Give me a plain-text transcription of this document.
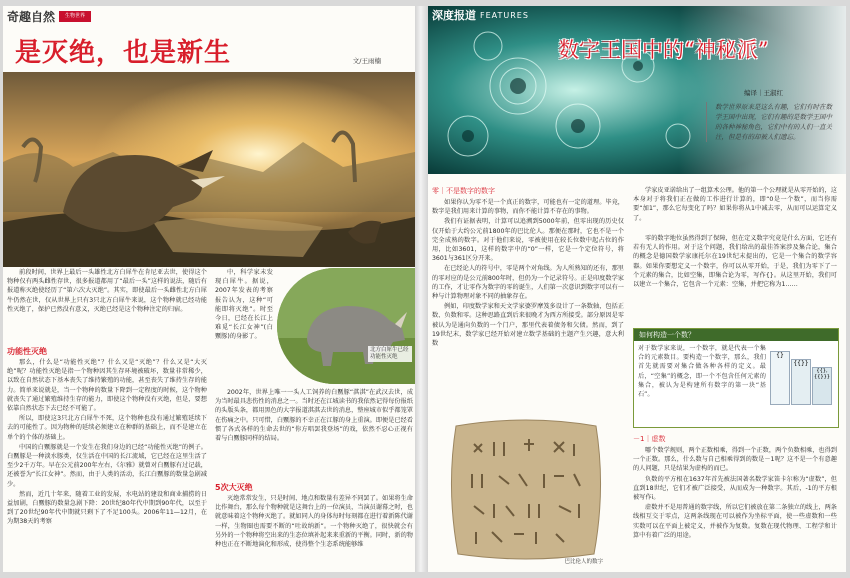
奇趣自然	生物世界
是灭绝，也是新生	文/王雨楠

前段时间，世界上最后一头雄性北方白犀牛在肯尼亚去世，使得这个物种仅有两头雌性存世，很多报道都用了“最后一头”这样的说法，随后有报道称灭绝使经历了“第六次大灭绝”。其实，即使最后一头雌性北方白犀牛仍然在世，仅从世界上只有3只北方白犀牛来说，这个物种就已经功能性灭绝了，保护已然没有意义，灭绝已经是这个物种注定的归宿。

功能性灭绝

那么，什么是“功能性灭绝”？什么又是“灭绝”？什么又是“大灭绝”呢？功能性灭绝是指一个物种因其生存环境被破坏，数量非常稀少，以致在自然状态下基本丧失了维持繁殖的功能，甚至丧失了维持生存的能力。简单来说就是，当一个物种的数量下降到一定程度的时候，这个物种就丧失了通过繁殖维持生存的能力，即使这个物种没有灭绝，但是，要想依靠自然状态下去已经不可能了。

所以，即使这3只北方白犀牛不死，这个物种也没有通过繁殖延续下去的可能性了。因为物种的延续必须建立在种群的基础上，而不是建立在单个的个体的基础上。

中国的白鱀豚就是一个发生在我们身边的已经“功能性灭绝”的例子。白鱀豚是一种淡水豚类，仅生活在中国的长江流域，它已经在这里生活了至少2千万年。早在公元前200年左右，《尔雅》就曾对白鱀豚有过记载，还被誉为“长江女神”。然而，由于人类的活动，长江白鱀豚的数量急剧减少。

然而，近几十年来，随着工业的发展，水电站的建设和商业捕捞的日益加剧，白鱀豚的数量急剧下降：20世纪80年代中期到90年代，以至于到了20世纪90年代中期就只剩下了不足100头。2006年11—12月，在为期38天的考察

中，科学家未发现白犀牛。据说，2007年发表的考察报告认为，这种“可能即将灭绝”。时至今日，已经在长江上难觅“长江女神”(白鱀豚)的身影了。

北方白犀牛已经功能性灭绝

2002年，世界上唯一一头人工饲养的白鱀豚“淇淇”在武汉去世，成为当时最具悲伤性的消息之一。当时还在江城读书的我依然记得每份报纸的头版头条，都用黑色的大字报道淇淇去世的消息，整座城市似乎都笼罩在伤痛之中。只可惜，白鱀豚的不幸正在江豚的身上重演。即便是已经看惯了各式各样的生命去世的“你方唱罢我登场”的戏，依然不忍心正视有着与白鱀豚同样的结局。

5次大灭绝

灭绝常常发生，只是时间、地点和数量有差异不同罢了。如果将生命比作舞台，那么每个物种就是这舞台上的一位演员，当演员谢幕之时，也就意味着这个物种灭绝了。就如同人的身体每时每刻都在进行着新陈代谢一样，生物圈也需要不断的“吐故纳新”。一个物种灭绝了，很快就会有另外的一个物种将空出来的生态位填补起来来重新的平衡。同时，新的物种也正在不断地演化和形成，使得整个生态系统能够维

深度报道 FEATURES
数字王国中的“神秘派”
编译｜王淑红
数学世界原来是这么有趣，它们有时在数学王国中出现，它们有趣的是数学王国中的各种神秘角色，它们中有的人们一直关注，但是有的却被人们遗忘。
零｜不是数字的数字

如果你认为零不是一个真正的数字，可能也有一定的道理。毕竟，数字是我们用来计算的事物，而你不能计算不存在的事物。

我们有证据表明，计算可以追溯到5000年前，但零出现的历史仅仅开始于大约公元前1800年的巴比伦人。那便在那时，它也不是一个完全成熟的数字。对于他们来说，零被使用在较长位数中起占位的作用，比如3601，这样的数字中的“0”一样，它是一个定位符号，将3601与361区分开来。

在已经论人的符号中，零是两个对角线。为人所熟知的还有，那里的零对应的是公元前800年时，但仍为一个记录符号。正是印度数学家的工作，才让零作为数字的零的诞生，人们第一次意识到数字可以有一种与计算物理对象不同的抽象存在。

例如，印度数学家和天文学家婆罗摩笈多设计了一条数轴，包括正数、负数和零。这种思路直到后来很晚才为西方所接受。部分原因是零被认为是通向负数的一个门户，那里代表着债务和欠债。然而，到了19世纪末，数学家已经开始对建立数学基础的主题产生兴趣，意大利数

巴比伦人的数字

学家皮亚诺给出了一组算术公理。他的第一个公理就是从零开始的，这本身对于将我们正在做的工作进行计算的，即“0是一个数”，而当你需要“加1”，那么它每变化了吗？如果你将从1中减去零，从而可以运算定义了。

零的数字地位虽然得到了保障，但在定义数字究竟是什么方面，它还有若有无人的作用。对于这个问题，我们给出的最佳答案涉及集合论，集合的概念是德国数学家康托尔在19世纪末提出的，它是一个集合的数学容器。如果你要想定义一个数字，你可以从零开始，于是，我们为零下了一个元素的集合，比如空集，即集合论为零，写作{}。从这里开始，我们可以建立一个集合，它包含一个元素：空集，并把它称为1……

如何构造一个数？
对于数学家来说，一个数字，就是代表一个集合的元素数目。要构造一个数字，那么，我们首先就需要对集合做各种各样的定义。最后，“空集”的概念，即一个不包含任何元素的集合，被认为是构建所有数字的第一块“基石”。
{}
{{}}
{{},{{}}}
－1｜虚数

哪个数学规则，两个正数相乘，得到一个正数，两个负数相乘，也得到一个正数。那么，什么数与自己相乘得到的数是－1呢？这不是一个有意趣的人问题，只是结果为虚构的而已。

负数的平方根在1637年首先被法国著名数学家笛卡尔称为“虚数”，但直到18世纪，它们才被广泛接受，从而成为一种数字。其后，-1的平方根被写作i。

虚数并不是用普通的数字线，所以它们被放在第二条独立的线上，两条线相互交于零点，这两条线现在可以被作为坐标平面，使一些虚数和一些实数可以在平面上被定义，并被作为复数。复数在现代物理、工程学和计算中有着广泛的用途。
